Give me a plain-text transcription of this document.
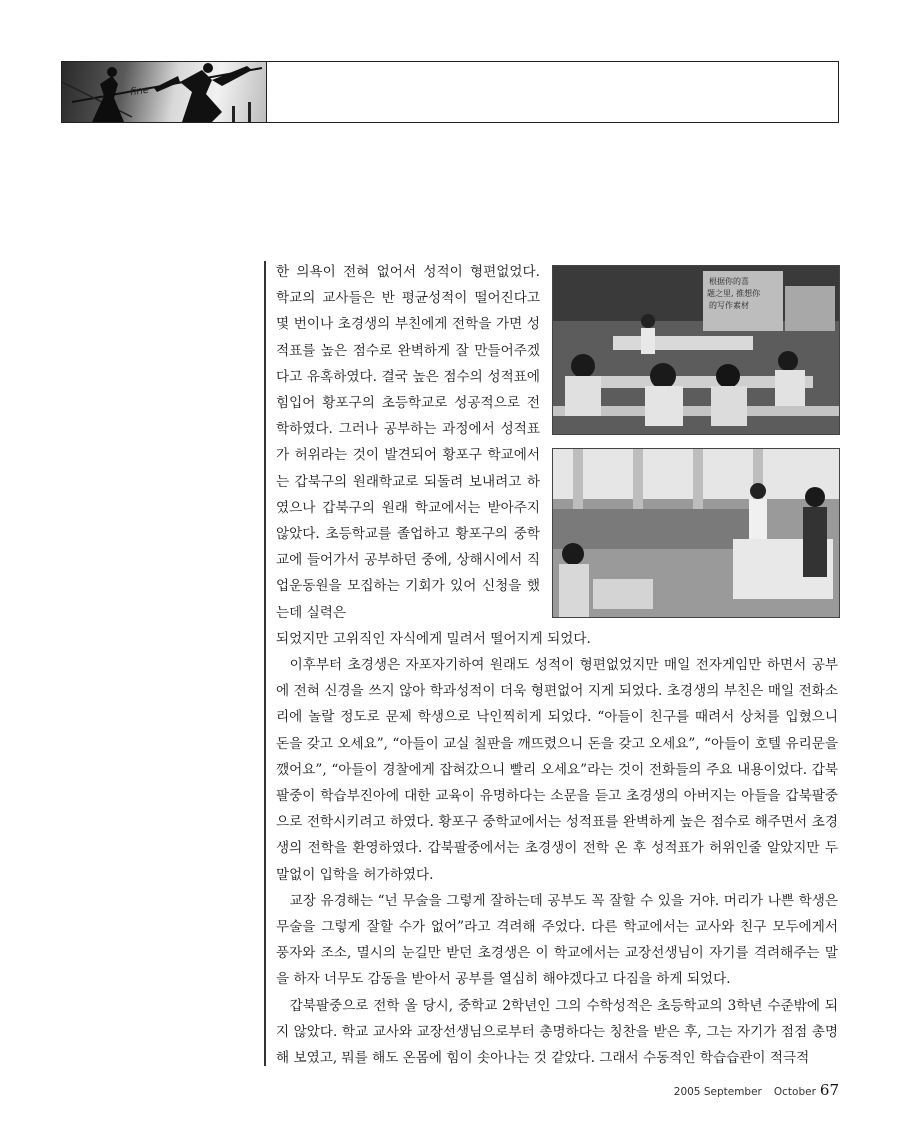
fine
根据你的喜
题之里, 推想你
的写作素材

한 의욕이 전혀 없어서 성적이 형편없었다. 학교의 교사들은 반 평균성적이 떨어진다고 몇 번이나 초경생의 부친에게 전학을 가면 성적표를 높은 점수로 완벽하게 잘 만들어주겠다고 유혹하였다. 결국 높은 점수의 성적표에 힘입어 황포구의 초등학교로 성공적으로 전학하였다. 그러나 공부하는 과정에서 성적표가 허위라는 것이 발견되어 황포구 학교에서는 갑북구의 원래학교로 되돌려 보내려고 하였으나 갑북구의 원래 학교에서는 받아주지 않았다. 초등학교를 졸업하고 황포구의 중학교에 들어가서 공부하던 중에, 상해시에서 직업운동원을 모집하는 기회가 있어 신청을 했는데 실력은

되었지만 고위직인 자식에게 밀려서 떨어지게 되었다.

이후부터 초경생은 자포자기하여 원래도 성적이 형편없었지만 매일 전자게임만 하면서 공부에 전혀 신경을 쓰지 않아 학과성적이 더욱 형편없어 지게 되었다. 초경생의 부친은 매일 전화소리에 놀랄 정도로 문제 학생으로 낙인찍히게 되었다. “아들이 친구를 때려서 상처를 입혔으니 돈을 갖고 오세요”, “아들이 교실 칠판을 깨뜨렸으니 돈을 갖고 오세요”, “아들이 호텔 유리문을 깼어요”, “아들이 경찰에게 잡혀갔으니 빨리 오세요”라는 것이 전화들의 주요 내용이었다. 갑북팔중이 학습부진아에 대한 교육이 유명하다는 소문을 듣고 초경생의 아버지는 아들을 갑북팔중으로 전학시키려고 하였다. 황포구 중학교에서는 성적표를 완벽하게 높은 점수로 해주면서 초경생의 전학을 환영하였다. 갑북팔중에서는 초경생이 전학 온 후 성적표가 허위인줄 알았지만 두말없이 입학을 허가하였다.

교장 유경해는 “넌 무술을 그렇게 잘하는데 공부도 꼭 잘할 수 있을 거야. 머리가 나쁜 학생은 무술을 그렇게 잘할 수가 없어”라고 격려해 주었다. 다른 학교에서는 교사와 친구 모두에게서 풍자와 조소, 멸시의 눈길만 받던 초경생은 이 학교에서는 교장선생님이 자기를 격려해주는 말을 하자 너무도 감동을 받아서 공부를 열심히 해야겠다고 다짐을 하게 되었다.

갑북팔중으로 전학 올 당시, 중학교 2학년인 그의 수학성적은 초등학교의 3학년 수준밖에 되지 않았다. 학교 교사와 교장선생님으로부터 총명하다는 칭찬을 받은 후, 그는 자기가 점점 총명해 보였고, 뭐를 해도 온몸에 힘이 솟아나는 것 같았다. 그래서 수동적인 학습습관이 적극적

2005 September October 67
